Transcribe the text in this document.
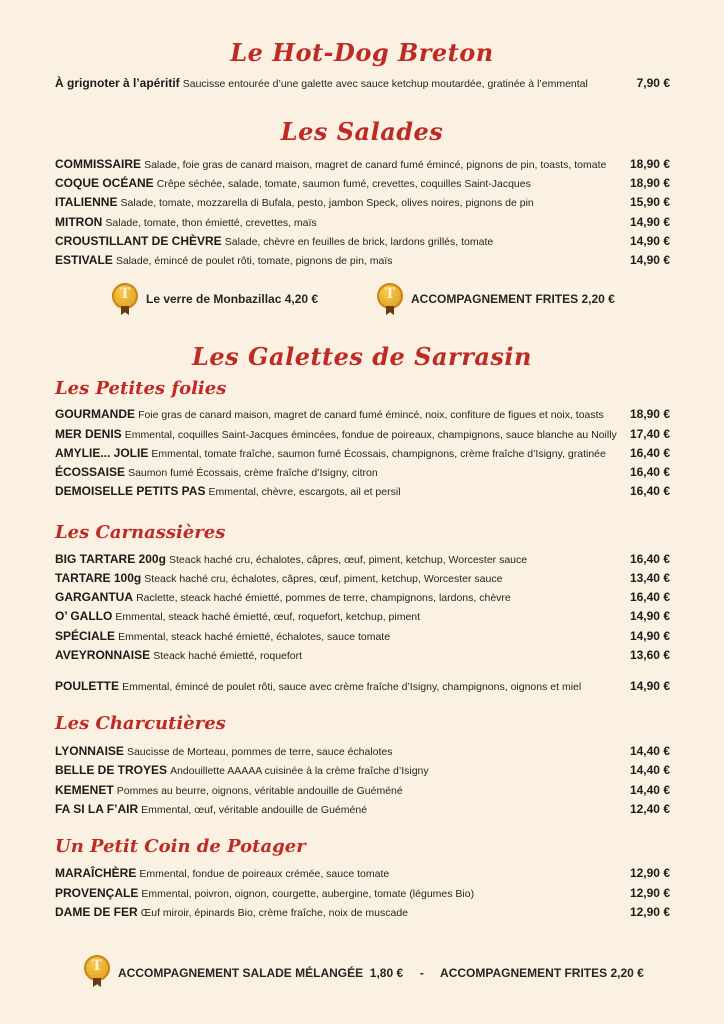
Le Hot-Dog Breton
À grignoter à l’apéritif Saucisse entourée d’une galette avec sauce ketchup moutardée, gratinée à l’emmental	7,90 €
Les Salades
COMMISSAIRE Salade, foie gras de canard maison, magret de canard fumé émincé, pignons de pin, toasts, tomate 18,90 €
COQUE OCÉANE Crêpe séchée, salade, tomate, saumon fumé, crevettes, coquilles Saint-Jacques	18,90 €
ITALIENNE Salade, tomate, mozzarella di Bufala, pesto, jambon Speck, olives noires, pignons de pin	15,90 €
MITRON Salade, tomate, thon émietté, crevettes, maïs	14,90 €
CROUSTILLANT DE CHÈVRE Salade, chèvre en feuilles de brick, lardons grillés, tomate	14,90 €
ESTIVALE Salade, émincé de poulet rôti, tomate, pignons de pin, maïs	14,90 €
T	Le verre de Monbazillac 4,20 €	T	ACCOMPAGNEMENT FRITES 2,20 €
Les Galettes de Sarrasin
Les Petites folies
GOURMANDE Foie gras de canard maison, magret de canard fumé émincé, noix, confiture de figues et noix, toasts 18,90 €
MER DENIS Emmental, coquilles Saint-Jacques émincées, fondue de poireaux, champignons, sauce blanche au Noilly 17,40 €
AMYLIE... JOLIE Emmental, tomate fraîche, saumon fumé Écossais, champignons, crème fraîche d’Isigny, gratinée 16,40 €
ÉCOSSAISE Saumon fumé Écossais, crème fraîche d’Isigny, citron	16,40 €
DEMOISELLE PETITS PAS Emmental, chèvre, escargots, ail et persil	16,40 €
Les Carnassières
BIG TARTARE 200g Steack haché cru, échalotes, câpres, œuf, piment, ketchup, Worcester sauce	16,40 €
TARTARE 100g Steack haché cru, échalotes, câpres, œuf, piment, ketchup, Worcester sauce	13,40 €
GARGANTUA Raclette, steack haché émietté, pommes de terre, champignons, lardons, chèvre	16,40 €
O’ GALLO Emmental, steack haché émietté, œuf, roquefort, ketchup, piment	14,90 €
SPÉCIALE Emmental, steack haché émietté, échalotes, sauce tomate	14,90 €
AVEYRONNAISE Steack haché émietté, roquefort	13,60 €
POULETTE Emmental, émincé de poulet rôti, sauce avec crème fraîche d’Isigny, champignons, oignons et miel	14,90 €
Les Charcutières
LYONNAISE Saucisse de Morteau, pommes de terre, sauce échalotes	14,40 €
BELLE DE TROYES Andouillette AAAAA cuisinée à la crème fraîche d’Isigny	14,40 €
KEMENET Pommes au beurre, oignons, véritable andouille de Guéméné	14,40 €
FA SI LA F’AIR Emmental, œuf, véritable andouille de Guéméné	12,40 €
Un Petit Coin de Potager
MARAÎCHÈRE Emmental, fondue de poireaux crémée, sauce tomate	12,90 €
PROVENÇALE Emmental, poivron, oignon, courgette, aubergine, tomate (légumes Bio)	12,90 €
DAME DE FER Œuf miroir, épinards Bio, crème fraîche, noix de muscade	12,90 €
T	ACCOMPAGNEMENT SALADE MÉLANGÉE  1,80 €     -     ACCOMPAGNEMENT FRITES 2,20 €
